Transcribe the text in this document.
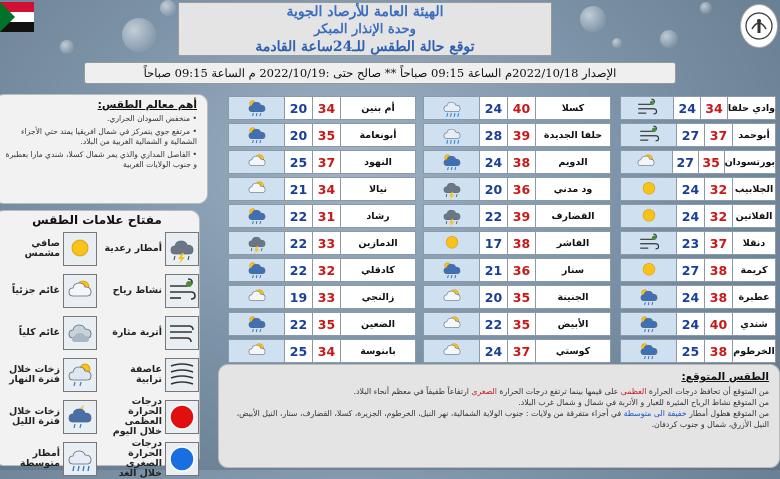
الهيئة العامة للأرصاد الجوية
وحدة الإنذار المبكر
توقع حالة الطقس للـ24ساعة القادمة
الإصدار 2022/10/18م الساعة 09:15 صباحاً ** صالح حتى :2022/10/19 م الساعة 09:15 صباحاً
أهم معالم الطقس:
• منخفض السودان الحراري.
• مرتفع جوي يتمركز في شمال افريقيا يمتد حتي الأجزاء الشمالية و الشمالية الغربية من البلاد.
• الفاصل المداري والذي يمر شمال كسلا، شندي مارا بعطبرة و جنوب الولايات الغربية
مفتاح علامات الطقس
صافي مشمس	أمطار رعدية
غائم جزئياً	نشاط رياح
غائم كلياً	أتربة مثارة
زخات خلال فترة النهار
عاصفة ترابية
زخات خلال فترة الليل
درجات الحرارة العظمى خلال اليوم
أمطار متوسطة
درجات الحرارة الصغرى خلال الغد
20 34	أم بنين
20 35	أبونعامة
25 37	النهود
21 34	نيالا
22 31	رشاد
22 33	الدمازين
22 32	كادقلي
19 33	زالنجي
22 35	الضعين
25 34	بابنوسة
24 40	كسلا
28 39	حلفا الجديدة
24 38	الدويم
20 36	ود مدني
22 39	القضارف
17 38	الفاشر
21 36	سنار
20 35	الجنينة
22 35	الأبيض
24 37	كوستي
24 34 وادي حلفا
27 37	أبوحمد
27 35 بورتسودان
24 32 الجلابيب
24 32 الفلاتين
23 37	دنقلا
27 38	كريمة
24 38	عطبرة
24 40	شندي
25 38 الخرطوم
الطقس المتوقع:

من المتوقع أن تحافظ درجات الحرارة العظمى على قيمها بينما ترتفع درجات الحرارة الصغرى ارتفاعاً طفيفاً في معظم أنحاء البلاد.

من المتوقع نشاط الرياح المثيرة للغبار و الأتربة في شمال و شمال غرب البلاد.

من المتوقع هطول أمطار خفيفة الى متوسطة في أجزاء متفرقة من ولايات : جنوب الولاية الشمالية، نهر النيل، الخرطوم، الجزيرة، كسلا، القضارف، سنار، النيل الأبيض، النيل الأزرق، شمال و جنوب كردفان.
